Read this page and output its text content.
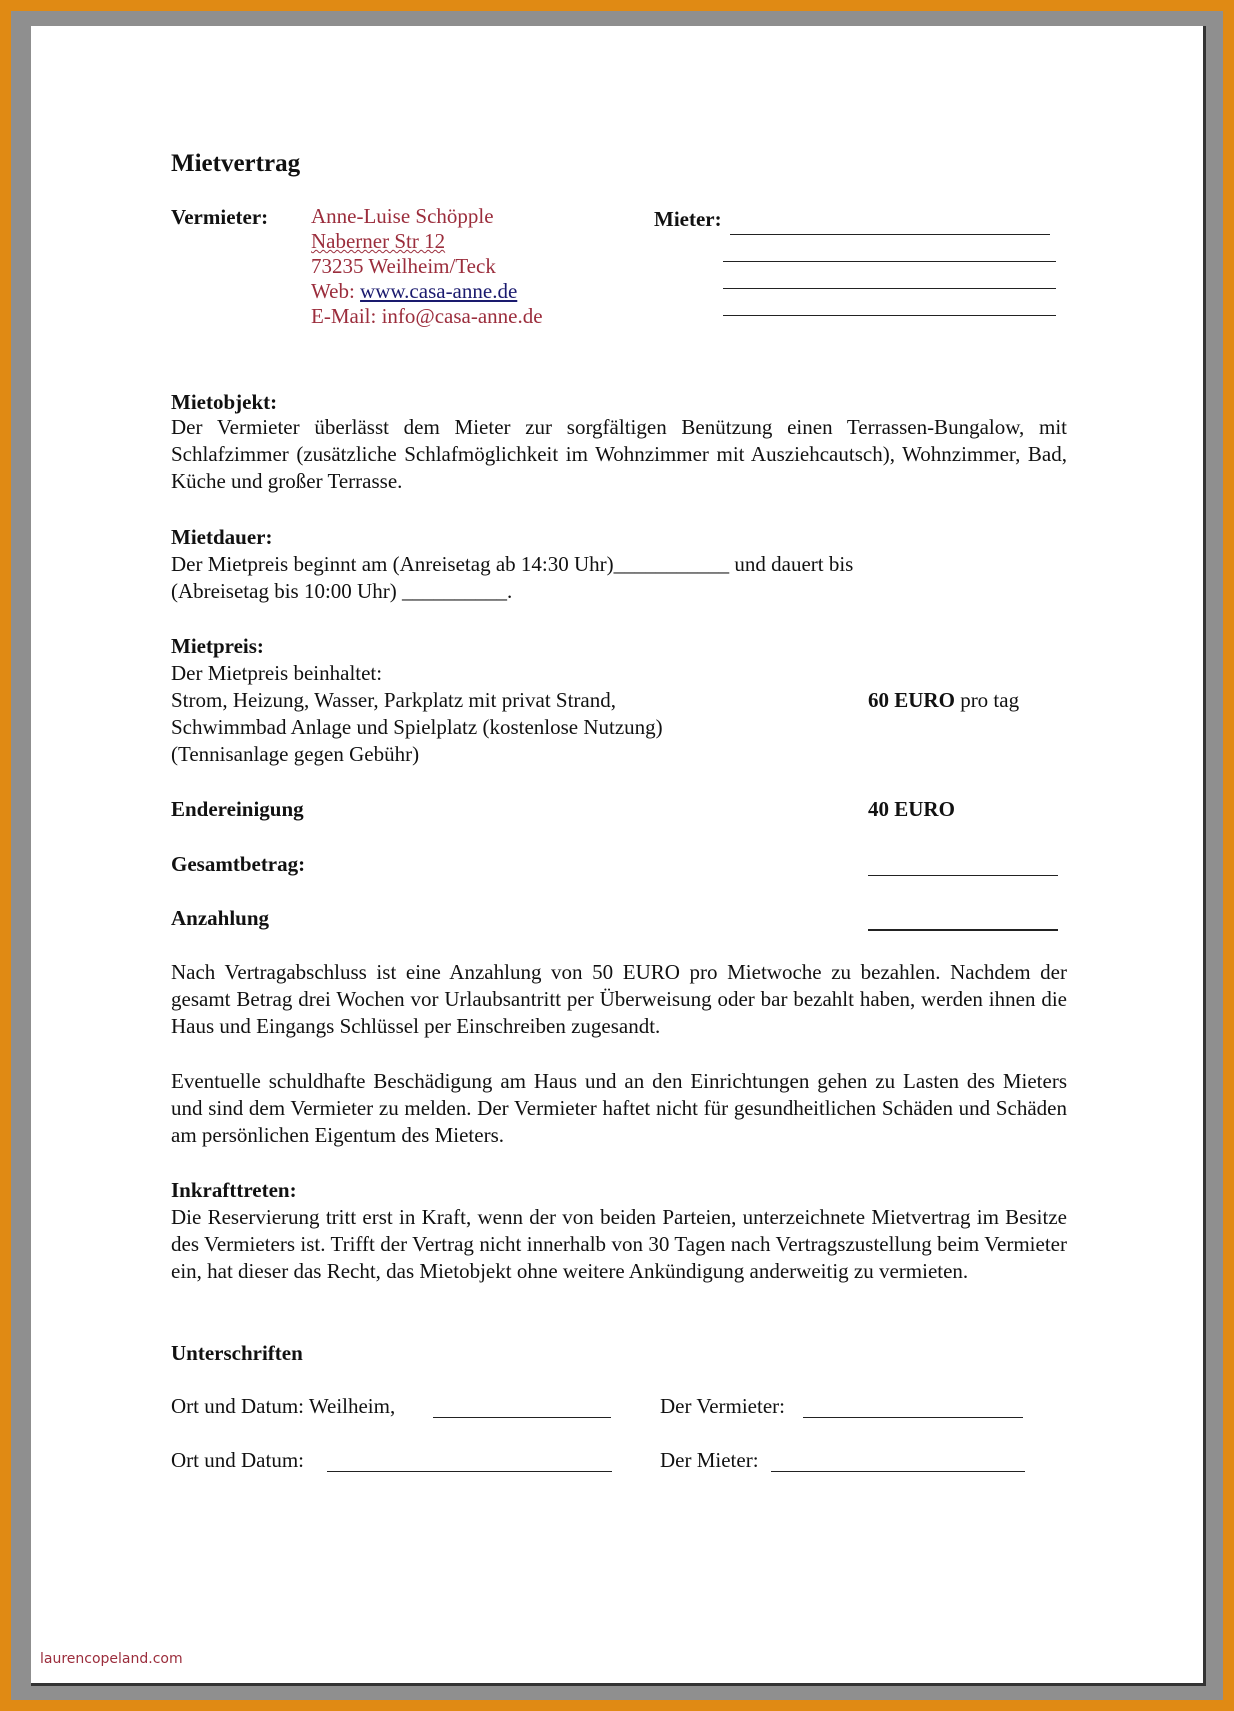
Mietvertrag
Vermieter: Anne-Luise Schöpple
Naberner Str 12
73235 Weilheim/Teck
Web: www.casa-anne.de
E-Mail: info@casa-anne.de
Mieter:
Mietobjekt:
Der Vermieter überlässt dem Mieter zur sorgfältigen Benützung einen Terrassen-Bungalow, mit Schlafzimmer (zusätzliche Schlafmöglichkeit im Wohnzimmer mit Ausziehcautsch), Wohnzimmer, Bad, Küche und großer Terrasse.
Mietdauer:
Der Mietpreis beginnt am (Anreisetag ab 14:30 Uhr)___________ und dauert bis
(Abreisetag bis 10:00 Uhr) __________.
Mietpreis:
Der Mietpreis beinhaltet:
Strom, Heizung, Wasser, Parkplatz mit privat Strand,
Schwimmbad Anlage und Spielplatz (kostenlose Nutzung)
(Tennisanlage gegen Gebühr)
60 EURO pro tag
Endereinigung	40 EURO
Gesamtbetrag:
Anzahlung
Nach Vertragabschluss ist eine Anzahlung von 50 EURO pro Mietwoche zu bezahlen. Nachdem der gesamt Betrag drei Wochen vor Urlaubsantritt per Überweisung oder bar bezahlt haben, werden ihnen die Haus und Eingangs Schlüssel per Einschreiben zugesandt.
Eventuelle schuldhafte Beschädigung am Haus und an den Einrichtungen gehen zu Lasten des Mieters und sind dem Vermieter zu melden. Der Vermieter haftet nicht für gesundheitlichen Schäden und Schäden am persönlichen Eigentum des Mieters.
Inkrafttreten:
Die Reservierung tritt erst in Kraft, wenn der von beiden Parteien, unterzeichnete Mietvertrag im Besitze des Vermieters ist. Trifft der Vertrag nicht innerhalb von 30 Tagen nach Vertragszustellung beim Vermieter ein, hat dieser das Recht, das Mietobjekt ohne weitere Ankündigung anderweitig zu vermieten.
Unterschriften
Ort und Datum: Weilheim,	Der Vermieter:
Ort und Datum:	Der Mieter:
laurencopeland.com
